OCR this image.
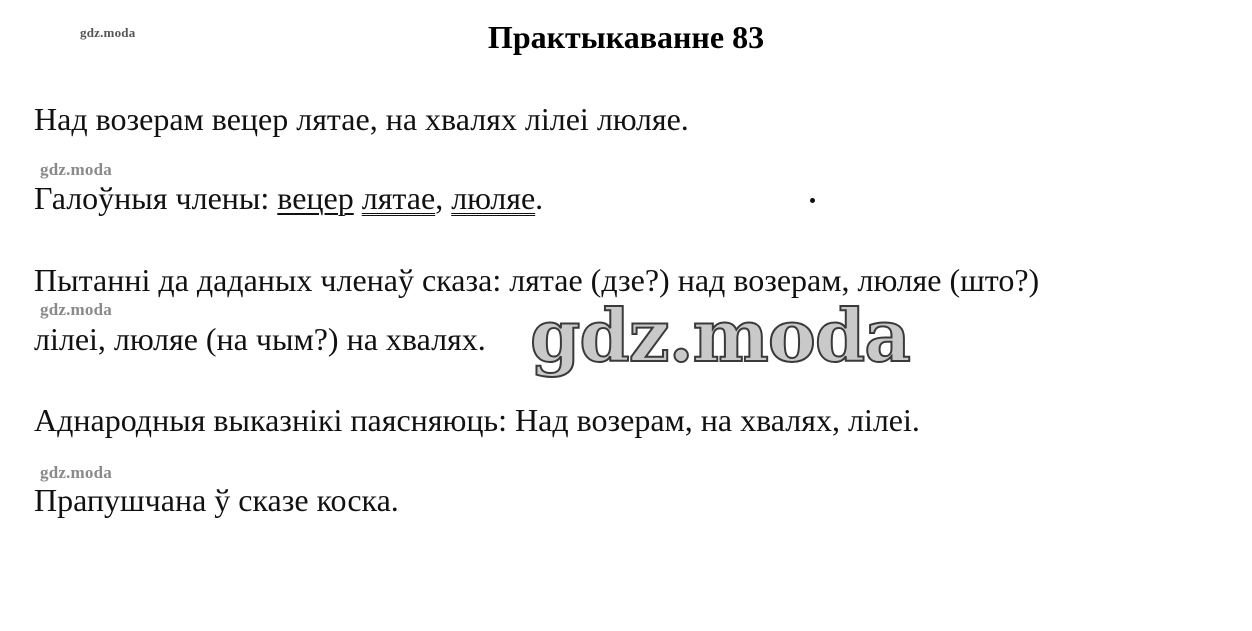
gdz.moda	Практыкаванне 83
Над возерам вецер лятае, на хвалях лілеі люляе.
gdz.moda
Галоўныя члены: вецер лятае, люляе.
Пытанні да даданых членаў сказа: лятае (дзе?) над возерам, люляе (што?)
gdz.moda
лілеі, люляе (на чым?) на хвалях. gdz.moda
Аднародныя выказнікі паясняюць: Над возерам, на хвалях, лілеі.
gdz.moda
Прапушчана ў сказе коска.
